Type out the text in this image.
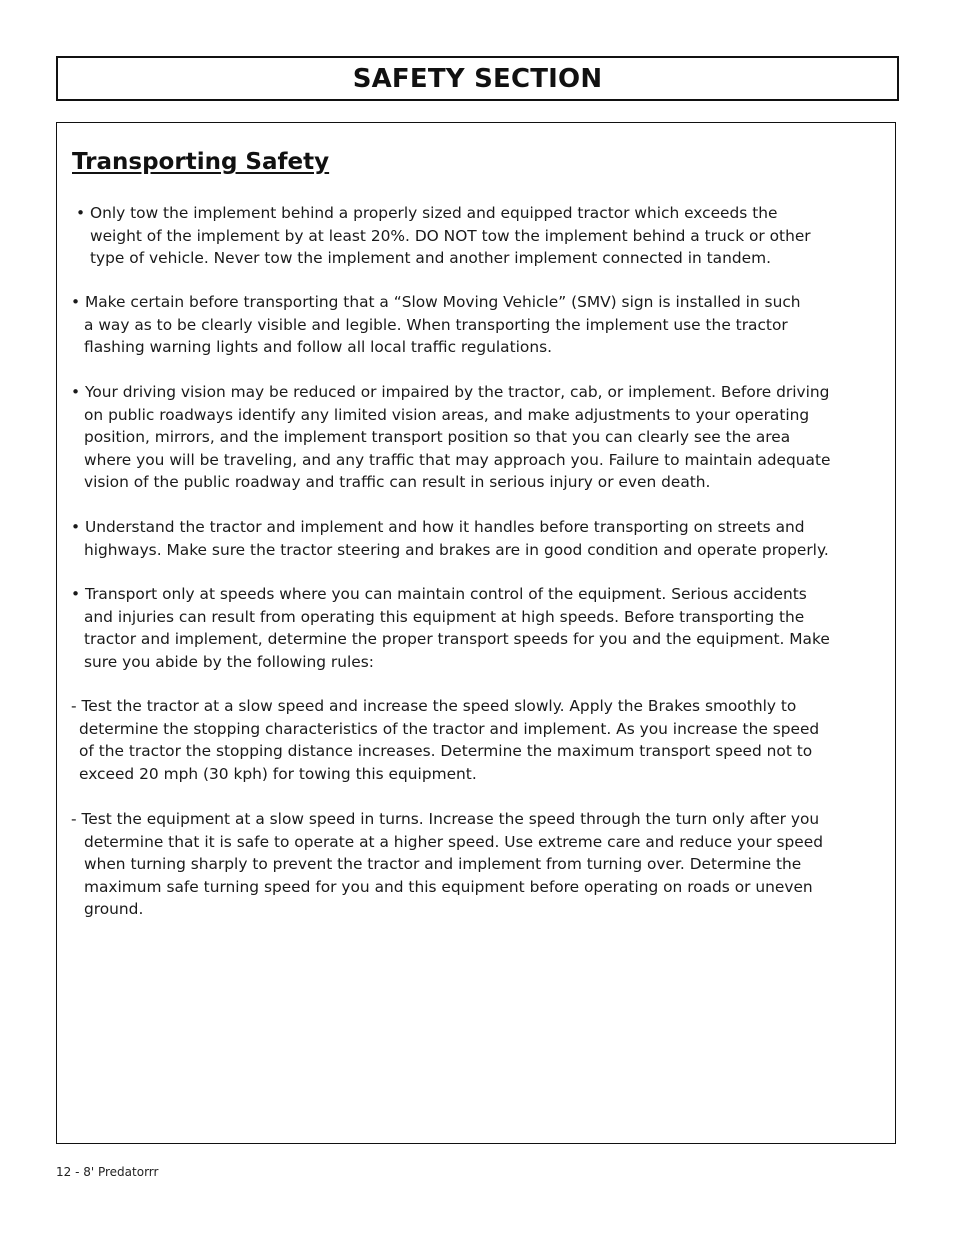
SAFETY SECTION
Transporting Safety

• Only tow the implement behind a properly sized and equipped tractor which exceeds the
weight of the implement by at least 20%. DO NOT tow the implement behind a truck or other
type of vehicle. Never tow the implement and another implement connected in tandem.

• Make certain before transporting that a “Slow Moving Vehicle” (SMV) sign is installed in such
a way as to be clearly visible and legible. When transporting the implement use the tractor
flashing warning lights and follow all local traffic regulations.

• Your driving vision may be reduced or impaired by the tractor, cab, or implement. Before driving
on public roadways identify any limited vision areas, and make adjustments to your operating
position, mirrors, and the implement transport position so that you can clearly see the area
where you will be traveling, and any traffic that may approach you. Failure to maintain adequate
vision of the public roadway and traffic can result in serious injury or even death.

• Understand the tractor and implement and how it handles before transporting on streets and
highways. Make sure the tractor steering and brakes are in good condition and operate properly.

• Transport only at speeds where you can maintain control of the equipment. Serious accidents
and injuries can result from operating this equipment at high speeds. Before transporting the
tractor and implement, determine the proper transport speeds for you and the equipment. Make
sure you abide by the following rules:

- Test the tractor at a slow speed and increase the speed slowly. Apply the Brakes smoothly to
determine the stopping characteristics of the tractor and implement. As you increase the speed
of the tractor the stopping distance increases. Determine the maximum transport speed not to
exceed 20 mph (30 kph) for towing this equipment.

- Test the equipment at a slow speed in turns. Increase the speed through the turn only after you
determine that it is safe to operate at a higher speed. Use extreme care and reduce your speed
when turning sharply to prevent the tractor and implement from turning over. Determine the
maximum safe turning speed for you and this equipment before operating on roads or uneven
ground.

12 - 8' Predatorrr
